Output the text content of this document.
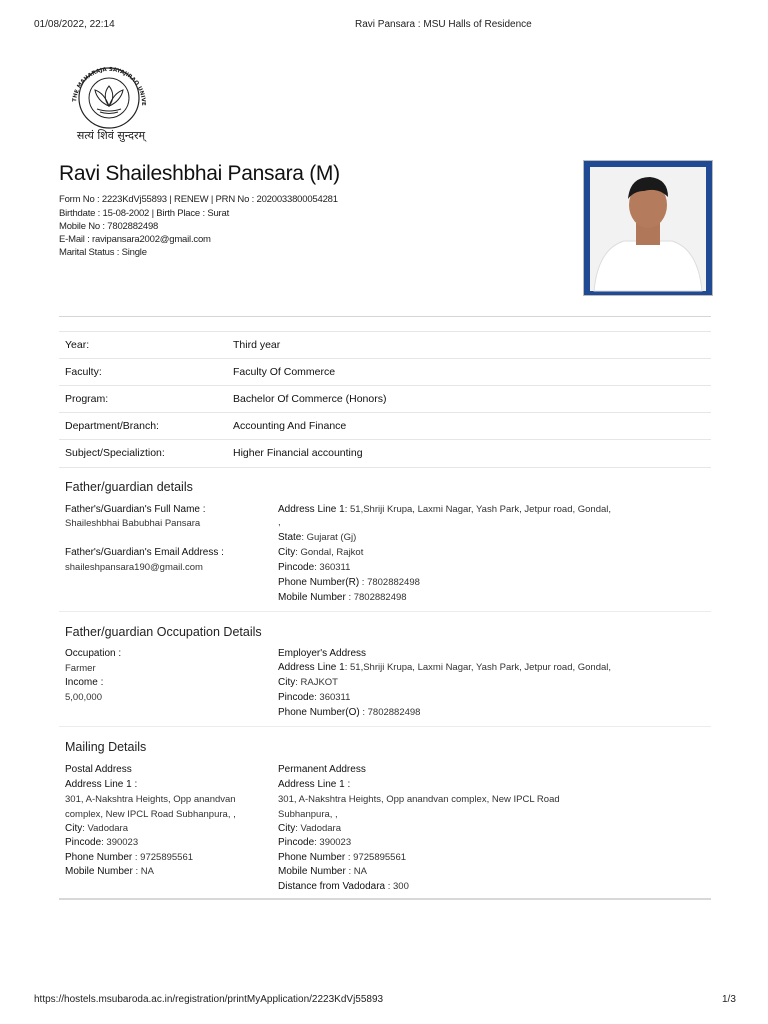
01/08/2022, 22:14	Ravi Pansara : MSU Halls of Residence
THE MAHARAJA SAYAJIRAO UNIVE
सत्यं शिवं सुन्दरम्
Ravi Shaileshbhai Pansara (M)
Form No : 2223KdVj55893 | RENEW | PRN No : 2020033800054281
Birthdate : 15-08-2002 | Birth Place : Surat
Mobile No : 7802882498
E-Mail : ravipansara2002@gmail.com
Marital Status : Single
Year:	Third year
Faculty:	Faculty Of Commerce
Program:	Bachelor Of Commerce (Honors)
Department/Branch:	Accounting And Finance
Subject/Specializtion:	Higher Financial accounting
Father/guardian details
Father's/Guardian's Full Name :
Shaileshbhai Babubhai Pansara
Father's/Guardian's Email Address :
shaileshpansara190@gmail.com
Address Line 1: 51,Shriji Krupa, Laxmi Nagar, Yash Park, Jetpur road, Gondal,
,
State: Gujarat (Gj)
City: Gondal, Rajkot
Pincode: 360311
Phone Number(R) : 7802882498
Mobile Number : 7802882498
Father/guardian Occupation Details
Occupation :
Farmer
Income :
5,00,000
Employer's Address
Address Line 1: 51,Shriji Krupa, Laxmi Nagar, Yash Park, Jetpur road, Gondal,
City: RAJKOT
Pincode: 360311
Phone Number(O) : 7802882498
Mailing Details
Postal Address
Address Line 1 :
301, A-Nakshtra Heights, Opp anandvan
complex, New IPCL Road Subhanpura, ,
City: Vadodara
Pincode: 390023
Phone Number : 9725895561
Mobile Number : NA
Permanent Address
Address Line 1 :
301, A-Nakshtra Heights, Opp anandvan complex, New IPCL Road
Subhanpura, ,
City: Vadodara
Pincode: 390023
Phone Number : 9725895561
Mobile Number : NA
Distance from Vadodara : 300
https://hostels.msubaroda.ac.in/registration/printMyApplication/2223KdVj55893	1/3
